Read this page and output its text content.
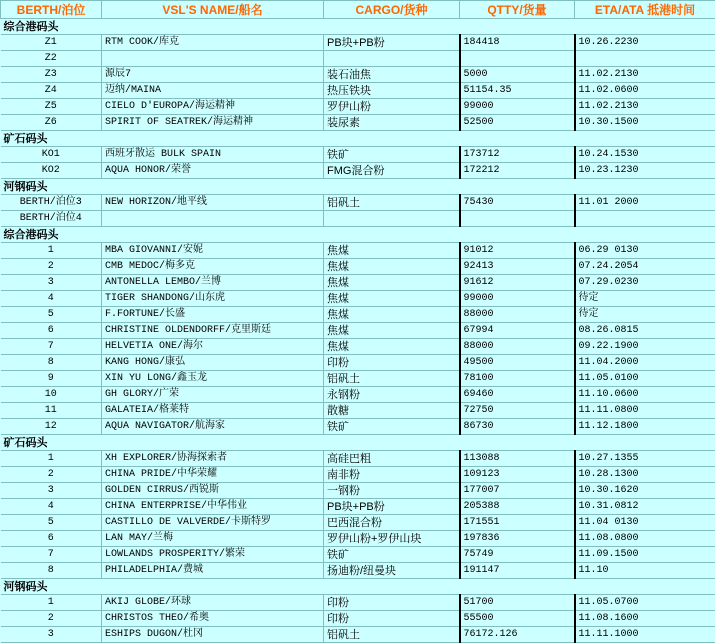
BERTH/泊位	VSL'S NAME/船名	CARGO/货种	QTTY/货量	ETA/ATA 抵港时间
综合港码头				
Z1	RTM COOK/库克	PB块+PB粉	184418	10.26.2230
Z2				
Z3	源辰7	装石油焦	5000	11.02.2130
Z4	迈纳/MAINA	热压铁块	51154.35	11.02.0600
Z5	CIELO D'EUROPA/海运精神	罗伊山粉	99000	11.02.2130
Z6	SPIRIT OF SEATREK/海运精神	装尿素	52500	10.30.1500
矿石码头				
KO1	西班牙散运 BULK SPAIN	铁矿	173712	10.24.1530
KO2	AQUA HONOR/荣誉	FMG混合粉	172212	10.23.1230
河钢码头				
BERTH/泊位3	NEW HORIZON/地平线	铝矾土	75430	11.01 2000
BERTH/泊位4				
综合港码头				
1	MBA GIOVANNI/安妮	焦煤	91012	06.29 0130
2	CMB MEDOC/梅多克	焦煤	92413	07.24.2054
3	ANTONELLA LEMBO/兰博	焦煤	91612	07.29.0230
4	TIGER SHANDONG/山东虎	焦煤	99000	待定
5	F.FORTUNE/长盛	焦煤	88000	待定
6	CHRISTINE OLDENDORFF/克里斯廷	焦煤	67994	08.26.0815
7	HELVETIA ONE/海尔	焦煤	88000	09.22.1900
8	KANG HONG/康弘	印粉	49500	11.04.2000
9	XIN YU LONG/鑫玉龙	铝矾土	78100	11.05.0100
10	GH GLORY/广荣	永钢粉	69460	11.10.0600
11	GALATEIA/格莱特	散糖	72750	11.11.0800
12	AQUA NAVIGATOR/航海家	铁矿	86730	11.12.1800
矿石码头				
1	XH EXPLORER/协海探索者	高硅巴粗	113088	10.27.1355
2	CHINA PRIDE/中华荣耀	南非粉	109123	10.28.1300
3	GOLDEN CIRRUS/西锐斯	一钢粉	177007	10.30.1620
4	CHINA ENTERPRISE/中华伟业	PB块+PB粉	205388	10.31.0812
5	CASTILLO DE VALVERDE/卡斯特罗	巴西混合粉	171551	11.04 0130
6	LAN MAY/兰梅	罗伊山粉+罗伊山块	197836	11.08.0800
7	LOWLANDS PROSPERITY/繁荣	铁矿	75749	11.09.1500
8	PHILADELPHIA/费城	扬迪粉/纽曼块	191147	11.10
河钢码头				
1	AKIJ GLOBE/环球	印粉	51700	11.05.0700
2	CHRISTOS THEO/希奥	印粉	55500	11.08.1600
3	ESHIPS DUGON/杜冈	铝矾土	76172.126	11.11.1000
